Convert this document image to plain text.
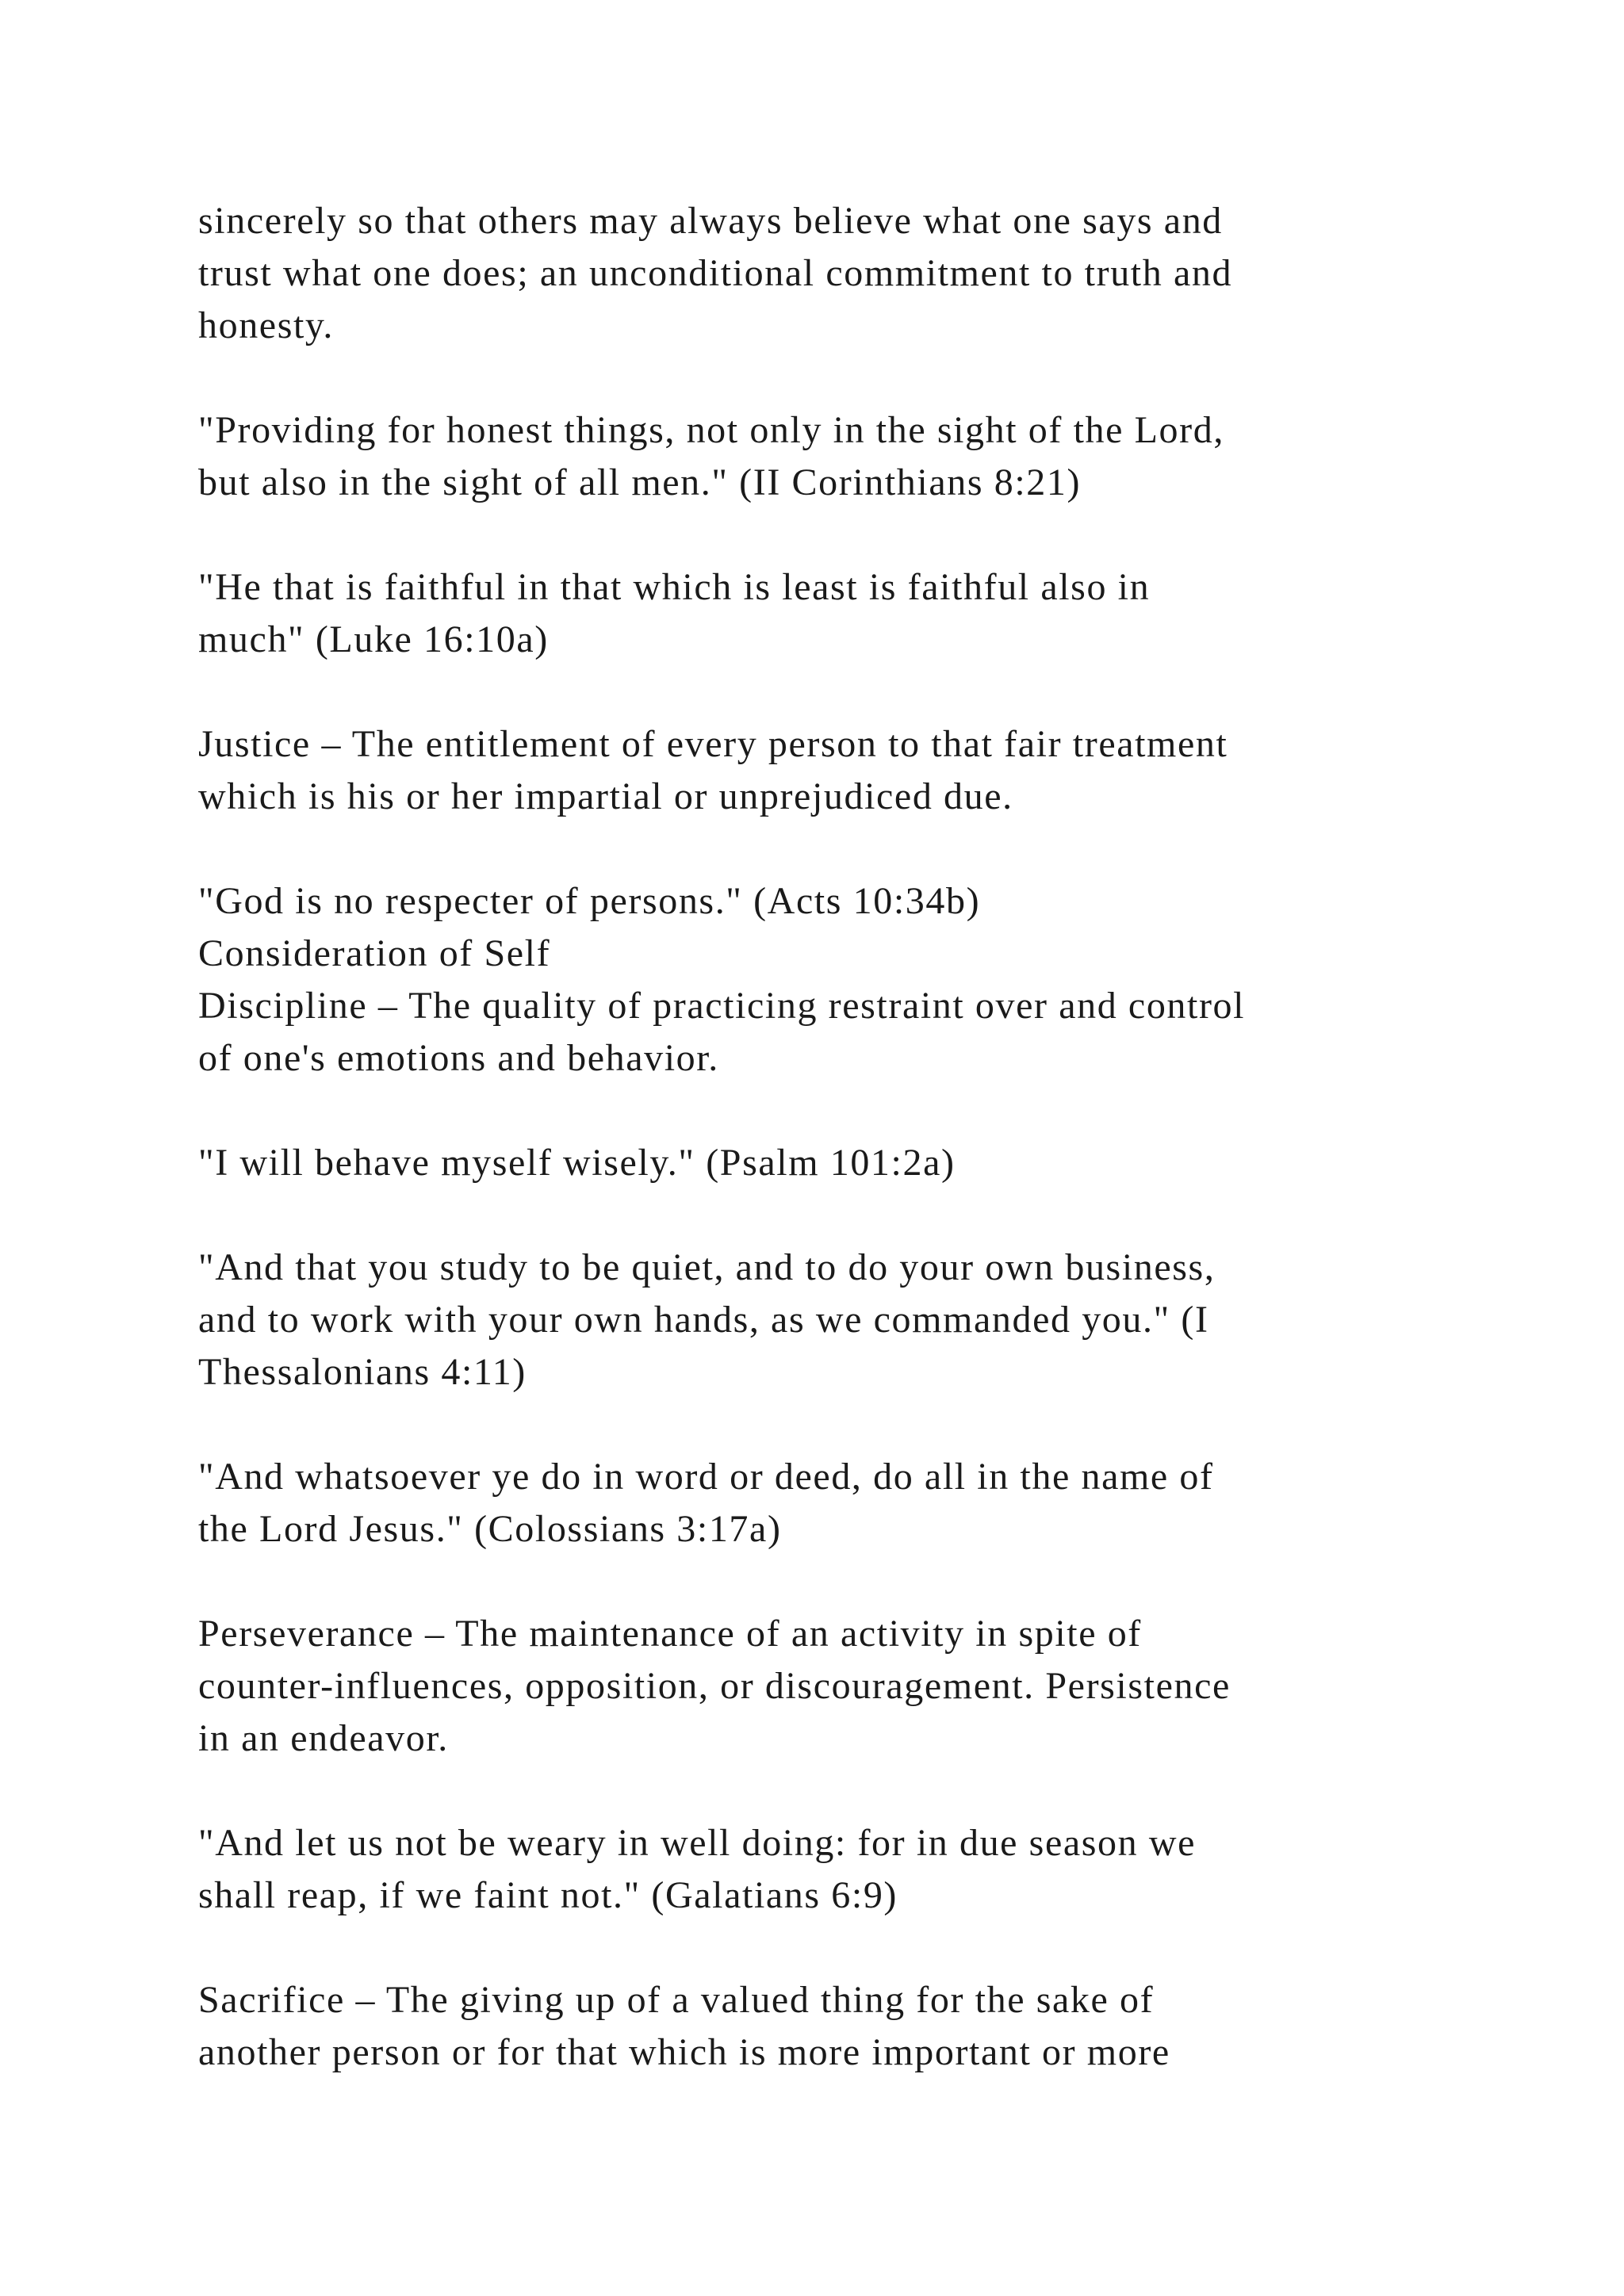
sincerely so that others may always believe what one says and
trust what one does; an unconditional commitment to truth and
honesty.
"Providing for honest things, not only in the sight of the Lord,
but also in the sight of all men." (II Corinthians 8:21)
"He that is faithful in that which is least is faithful also in
much" (Luke 16:10a)
Justice – The entitlement of every person to that fair treatment
which is his or her impartial or unprejudiced due.
"God is no respecter of persons." (Acts 10:34b)
Consideration of Self
Discipline – The quality of practicing restraint over and control
of one's emotions and behavior.
"I will behave myself wisely." (Psalm 101:2a)
"And that you study to be quiet, and to do your own business,
and to work with your own hands, as we commanded you." (I
Thessalonians 4:11)
"And whatsoever ye do in word or deed, do all in the name of
the Lord Jesus." (Colossians 3:17a)
Perseverance – The maintenance of an activity in spite of
counter-influences, opposition, or discouragement. Persistence
in an endeavor.
"And let us not be weary in well doing: for in due season we
shall reap, if we faint not." (Galatians 6:9)
Sacrifice – The giving up of a valued thing for the sake of
another person or for that which is more important or more
